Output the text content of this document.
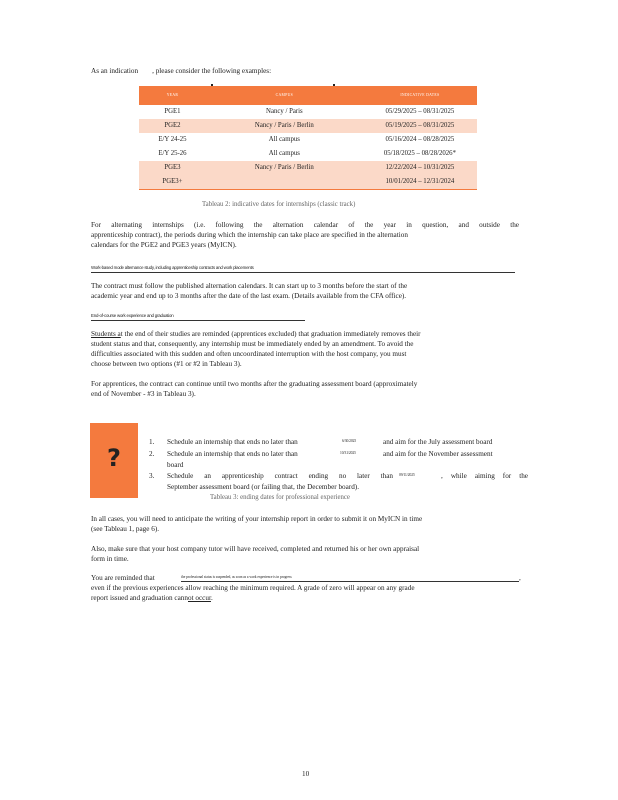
As an indication , please consider the following examples:
YEAR	CAMPUS	INDICATIVE DATES
PGE1	Nancy / Paris	05/29/2025 – 08/31/2025
PGE2	Nancy / Paris / Berlin	05/19/2025 – 08/31/2025
E/Y 24-25	All campus	05/16/2024 – 08/28/2025
E/Y 25-26	All campus	05/18/2025 – 08/28/2026*
PGE3	Nancy / Paris / Berlin	12/22/2024 – 10/31/2025
PGE3+		10/01/2024 – 12/31/2024
Tableau 2: indicative dates for internships (classic track)
For alternating internships (i.e. following the alternation calendar of the year in question, and outside the
apprenticeship contract), the periods during which the internship can take place are specified in the alternation
calendars for the PGE2 and PGE3 years (MyICN).
Work-based mode alternance study, including apprenticeship contracts and work placements
The contract must follow the published alternation calendars. It can start up to 3 months before the start of the
academic year and end up to 3 months after the date of the last exam. (Details available from the CFA office).
End-of-course work experience and graduation
Students at the end of their studies are reminded (apprentices excluded) that graduation immediately removes their
student status and that, consequently, any internship must be immediately ended by an amendment. To avoid the
difficulties associated with this sudden and often uncoordinated interruption with the host company, you must
choose between two options (#1 or #2 in Tableau 3).
For apprentices, the contract can continue until two months after the graduating assessment board (approximately
end of November - #3 in Tableau 3).
?
1. Schedule an internship that ends no later than	6/30/2025	and aim for the July assessment board
2. Schedule an internship that ends no later than	10/31/2025	and aim for the November assessment
board
3. Schedule an apprenticeship contract ending no later than 09/11/2025	, while aiming for the
September assessment board (or failing that, the December board).
Tableau 3: ending dates for professional experience
In all cases, you will need to anticipate the writing of your internship report in order to submit it on MyICN in time
(see Tableau 1, page 6).
Also, make sure that your host company tutor will have received, completed and returned his or her own appraisal
form in time.
You are reminded that	the professional status is suspended, as soon as a work experience is in progress	,
even if the previous experiences allow reaching the minimum required. A grade of zero will appear on any grade
report issued and graduation cannot occur.
10
